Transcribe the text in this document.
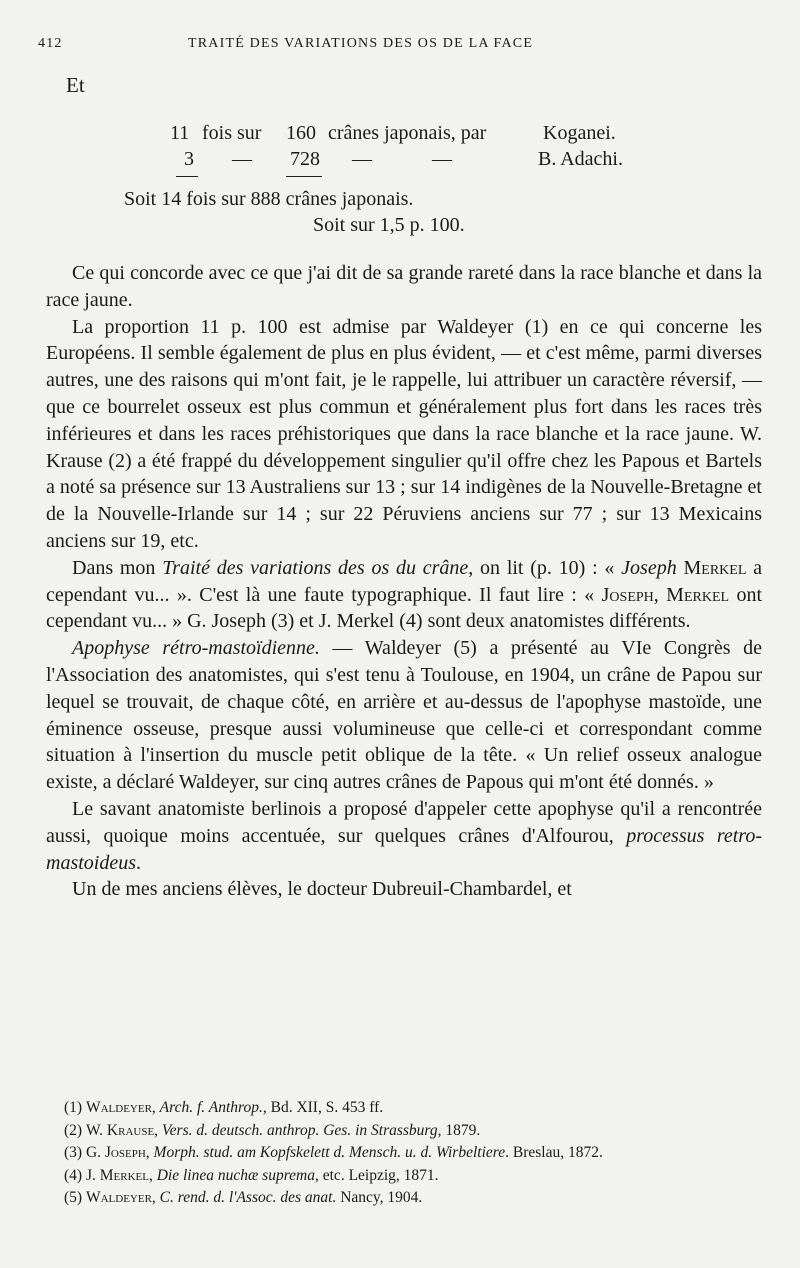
412	TRAITÉ DES VARIATIONS DES OS DE LA FACE
Et
11 fois sur 160 crânes japonais, par	Koganei.
3 — 728 —	—	B. Adachi.
Soit 14 fois sur 888 crânes japonais.
Soit sur 1,5 p. 100.

Ce qui concorde avec ce que j'ai dit de sa grande rareté dans la race blanche et dans la race jaune.

La proportion 11 p. 100 est admise par Waldeyer (1) en ce qui concerne les Européens. Il semble également de plus en plus évident, — et c'est même, parmi diverses autres, une des raisons qui m'ont fait, je le rappelle, lui attribuer un caractère réversif, — que ce bourrelet osseux est plus commun et généralement plus fort dans les races très inférieures et dans les races préhistoriques que dans la race blanche et la race jaune. W. Krause (2) a été frappé du développement singulier qu'il offre chez les Papous et Bartels a noté sa présence sur 13 Australiens sur 13 ; sur 14 indigènes de la Nouvelle-Bretagne et de la Nouvelle-Irlande sur 14 ; sur 22 Péruviens anciens sur 77 ; sur 13 Mexicains anciens sur 19, etc.

Dans mon Traité des variations des os du crâne, on lit (p. 10) : « Joseph Merkel a cependant vu... ». C'est là une faute typographique. Il faut lire : « Joseph, Merkel ont cependant vu... » G. Joseph (3) et J. Merkel (4) sont deux anatomistes différents.

Apophyse rétro-mastoïdienne. — Waldeyer (5) a présenté au VIe Congrès de l'Association des anatomistes, qui s'est tenu à Toulouse, en 1904, un crâne de Papou sur lequel se trouvait, de chaque côté, en arrière et au-dessus de l'apophyse mastoïde, une éminence osseuse, presque aussi volumineuse que celle-ci et correspondant comme situation à l'insertion du muscle petit oblique de la tête. « Un relief osseux analogue existe, a déclaré Waldeyer, sur cinq autres crânes de Papous qui m'ont été donnés. »

Le savant anatomiste berlinois a proposé d'appeler cette apophyse qu'il a rencontrée aussi, quoique moins accentuée, sur quelques crânes d'Alfourou, processus retro-mastoideus.

Un de mes anciens élèves, le docteur Dubreuil-Chambardel, et

(1) Waldeyer, Arch. f. Anthrop., Bd. XII, S. 453 ff.

(2) W. Krause, Vers. d. deutsch. anthrop. Ges. in Strassburg, 1879.

(3) G. Joseph, Morph. stud. am Kopfskelett d. Mensch. u. d. Wirbeltiere. Breslau, 1872.

(4) J. Merkel, Die linea nuchæ suprema, etc. Leipzig, 1871.

(5) Waldeyer, C. rend. d. l'Assoc. des anat. Nancy, 1904.
